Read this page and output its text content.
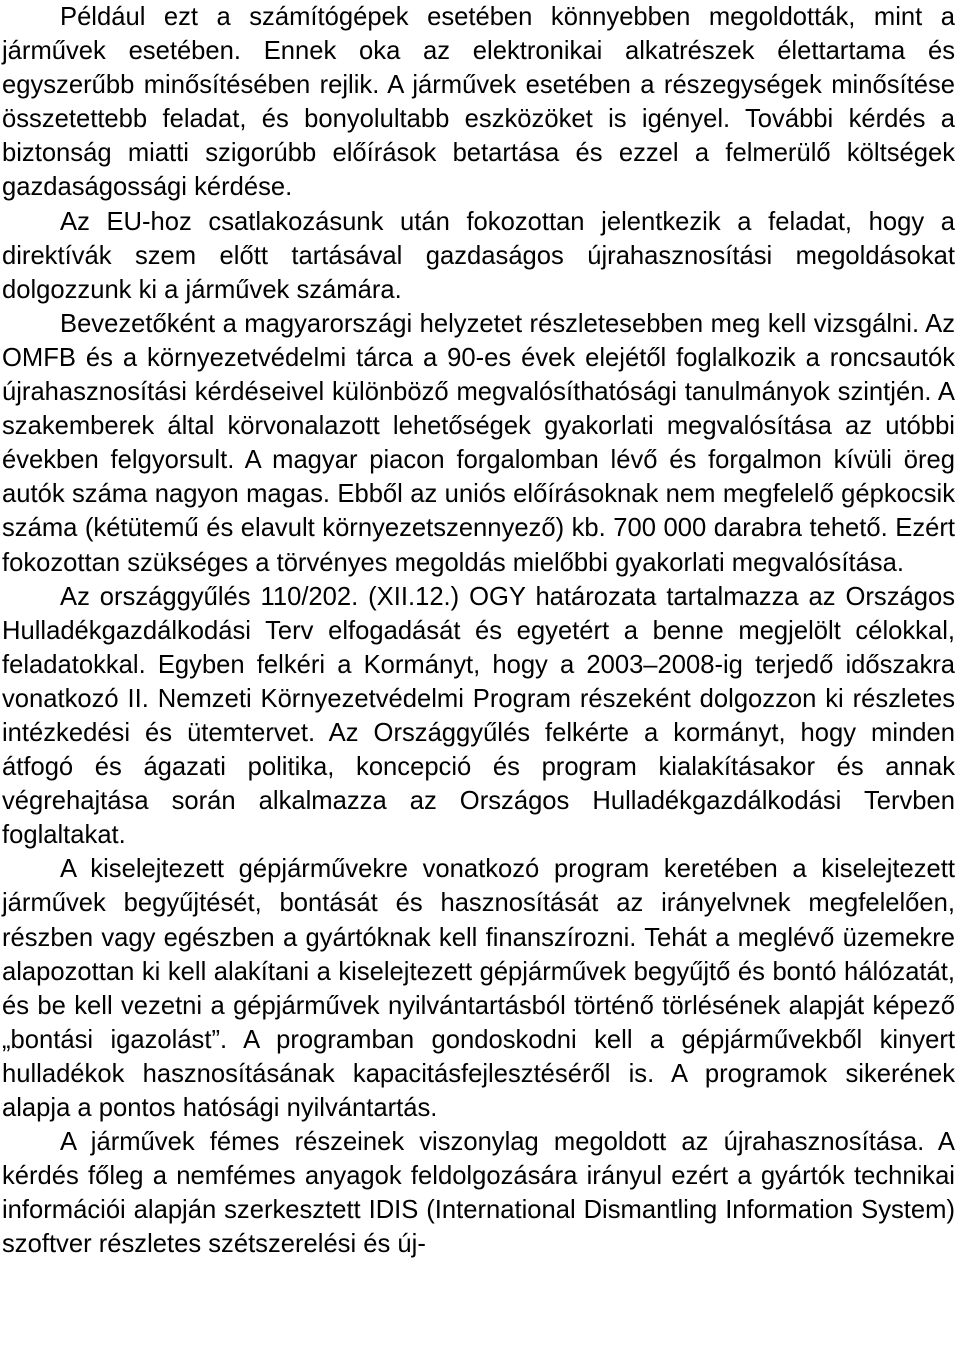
Például ezt a számítógépek esetében könnyebben megoldották, mint a járművek esetében. Ennek oka az elektronikai alkatrészek élettartama és egyszerűbb minősítésében rejlik. A járművek esetében a részegységek minősítése összetettebb feladat, és bonyolultabb eszközöket is igényel. További kérdés a biztonság miatti szigorúbb előírások betartása és ezzel a felmerülő költségek gazdaságossági kérdése.

Az EU-hoz csatlakozásunk után fokozottan jelentkezik a feladat, hogy a direktívák szem előtt tartásával gazdaságos újrahasznosítási megoldásokat dolgozzunk ki a járművek számára.

Bevezetőként a magyarországi helyzetet részletesebben meg kell vizsgálni. Az OMFB és a környezetvédelmi tárca a 90-es évek elejétől foglalkozik a roncsautók újrahasznosítási kérdéseivel különböző megvalósíthatósági tanulmányok szintjén. A szakemberek által körvonalazott lehetőségek gyakorlati megvalósítása az utóbbi években felgyorsult. A magyar piacon forgalomban lévő és forgalmon kívüli öreg autók száma nagyon magas. Ebből az uniós előírásoknak nem megfelelő gépkocsik száma (kétütemű és elavult környezetszennyező) kb. 700 000 darabra tehető. Ezért fokozottan szükséges a törvényes megoldás mielőbbi gyakorlati megvalósítása.

Az országgyűlés 110/202. (XII.12.) OGY határozata tartalmazza az Országos Hulladékgazdálkodási Terv elfogadását és egyetért a benne megjelölt célokkal, feladatokkal. Egyben felkéri a Kormányt, hogy a 2003–2008-ig terjedő időszakra vonatkozó II. Nemzeti Környezetvédelmi Program részeként dolgozzon ki részletes intézkedési és ütemtervet. Az Országgyűlés felkérte a kormányt, hogy minden átfogó és ágazati politika, koncepció és program kialakításakor és annak végrehajtása során alkalmazza az Országos Hulladékgazdálkodási Tervben foglaltakat.

A kiselejtezett gépjárművekre vonatkozó program keretében a kiselejtezett járművek begyűjtését, bontását és hasznosítását az irányelvnek megfelelően, részben vagy egészben a gyártóknak kell finanszírozni. Tehát a meglévő üzemekre alapozottan ki kell alakítani a kiselejtezett gépjárművek begyűjtő és bontó hálózatát, és be kell vezetni a gépjárművek nyilvántartásból történő törlésének alapját képező „bontási igazolást”. A programban gondoskodni kell a gépjárművekből kinyert hulladékok hasznosításának kapacitásfejlesztéséről is. A programok sikerének alapja a pontos hatósági nyilvántartás.

A járművek fémes részeinek viszonylag megoldott az újrahasznosítása. A kérdés főleg a nemfémes anyagok feldolgozására irányul ezért a gyártók technikai információi alapján szerkesztett IDIS (International Dismantling Information System) szoftver részletes szétszerelési és új-
